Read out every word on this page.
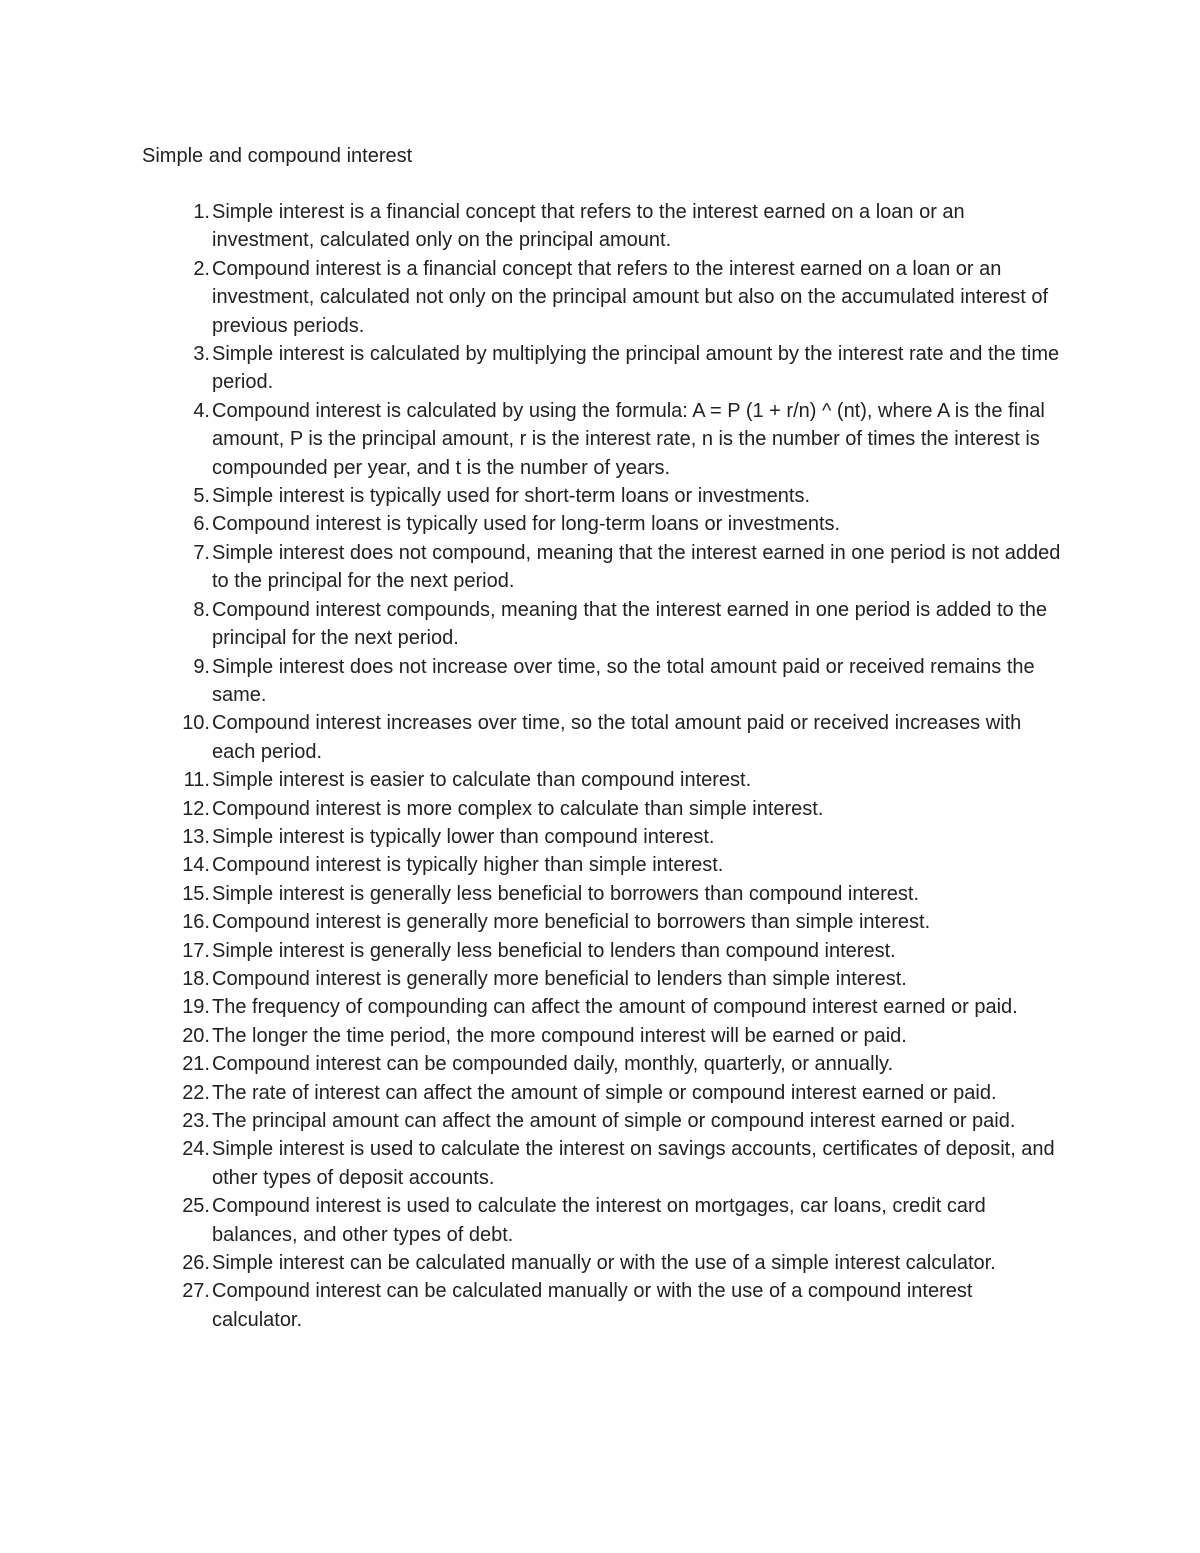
Simple and compound interest
1. Simple interest is a financial concept that refers to the interest earned on a loan or an investment, calculated only on the principal amount.
2. Compound interest is a financial concept that refers to the interest earned on a loan or an investment, calculated not only on the principal amount but also on the accumulated interest of previous periods.
3. Simple interest is calculated by multiplying the principal amount by the interest rate and the time period.
4. Compound interest is calculated by using the formula: A = P (1 + r/n) ^ (nt), where A is the final amount, P is the principal amount, r is the interest rate, n is the number of times the interest is compounded per year, and t is the number of years.
5. Simple interest is typically used for short-term loans or investments.
6. Compound interest is typically used for long-term loans or investments.
7. Simple interest does not compound, meaning that the interest earned in one period is not added to the principal for the next period.
8. Compound interest compounds, meaning that the interest earned in one period is added to the principal for the next period.
9. Simple interest does not increase over time, so the total amount paid or received remains the same.
10. Compound interest increases over time, so the total amount paid or received increases with each period.
11. Simple interest is easier to calculate than compound interest.
12. Compound interest is more complex to calculate than simple interest.
13. Simple interest is typically lower than compound interest.
14. Compound interest is typically higher than simple interest.
15. Simple interest is generally less beneficial to borrowers than compound interest.
16. Compound interest is generally more beneficial to borrowers than simple interest.
17. Simple interest is generally less beneficial to lenders than compound interest.
18. Compound interest is generally more beneficial to lenders than simple interest.
19. The frequency of compounding can affect the amount of compound interest earned or paid.
20. The longer the time period, the more compound interest will be earned or paid.
21. Compound interest can be compounded daily, monthly, quarterly, or annually.
22. The rate of interest can affect the amount of simple or compound interest earned or paid.
23. The principal amount can affect the amount of simple or compound interest earned or paid.
24. Simple interest is used to calculate the interest on savings accounts, certificates of deposit, and other types of deposit accounts.
25. Compound interest is used to calculate the interest on mortgages, car loans, credit card balances, and other types of debt.
26. Simple interest can be calculated manually or with the use of a simple interest calculator.
27. Compound interest can be calculated manually or with the use of a compound interest calculator.
